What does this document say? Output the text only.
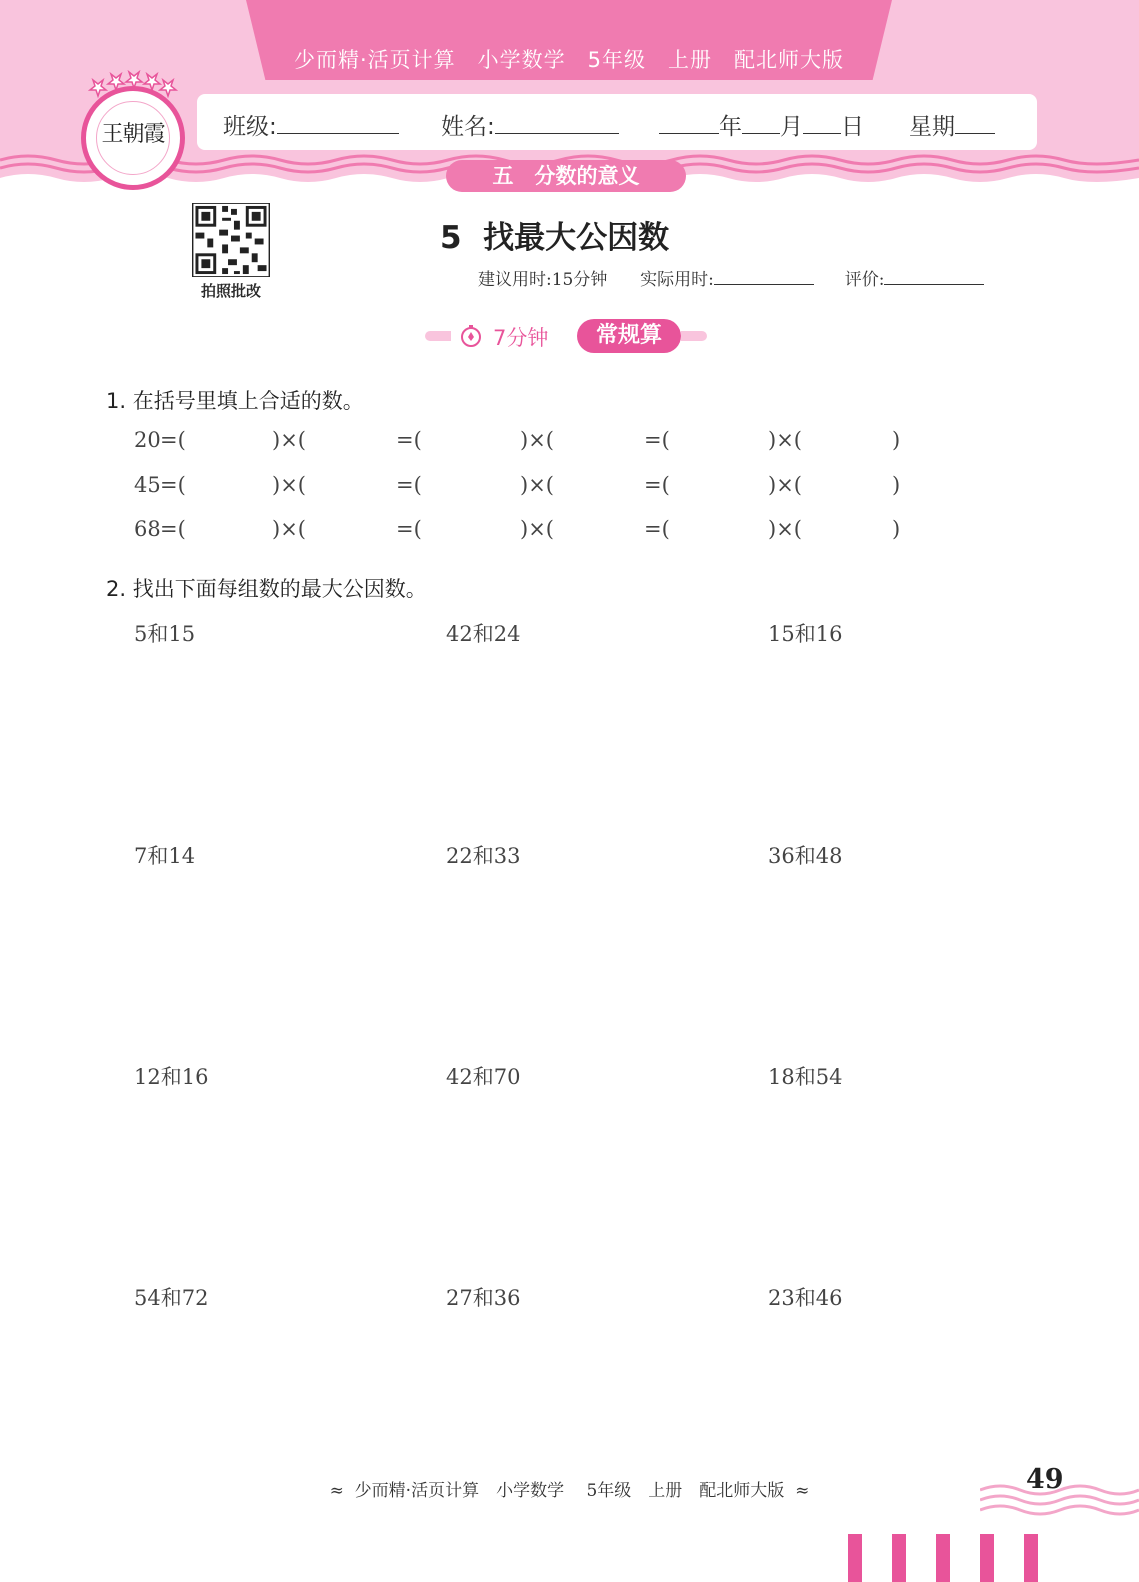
少而精·活页计算　小学数学　5年级　上册　配北师大版
班级:	姓名:	年 月 日 星期
王朝霞
五　分数的意义
拍照批改
5  找最大公因数
建议用时:15分钟 实际用时:	评价:
7分钟	常规算
1. 在括号里填上合适的数。
20 =(	)×(	=(	)×(	=(	)×(	)
45 =(	)×(	=(	)×(	=(	)×(	)
68 =(	)×(	=(	)×(	=(	)×(	)
2. 找出下面每组数的最大公因数。
5和15	42和24	15和16
7和14	22和33	36和48
12和16	42和70	18和54
54和72	27和36	23和46
≈  少而精·活页计算　小学数学　 5年级　上册　配北师大版  ≈	49
